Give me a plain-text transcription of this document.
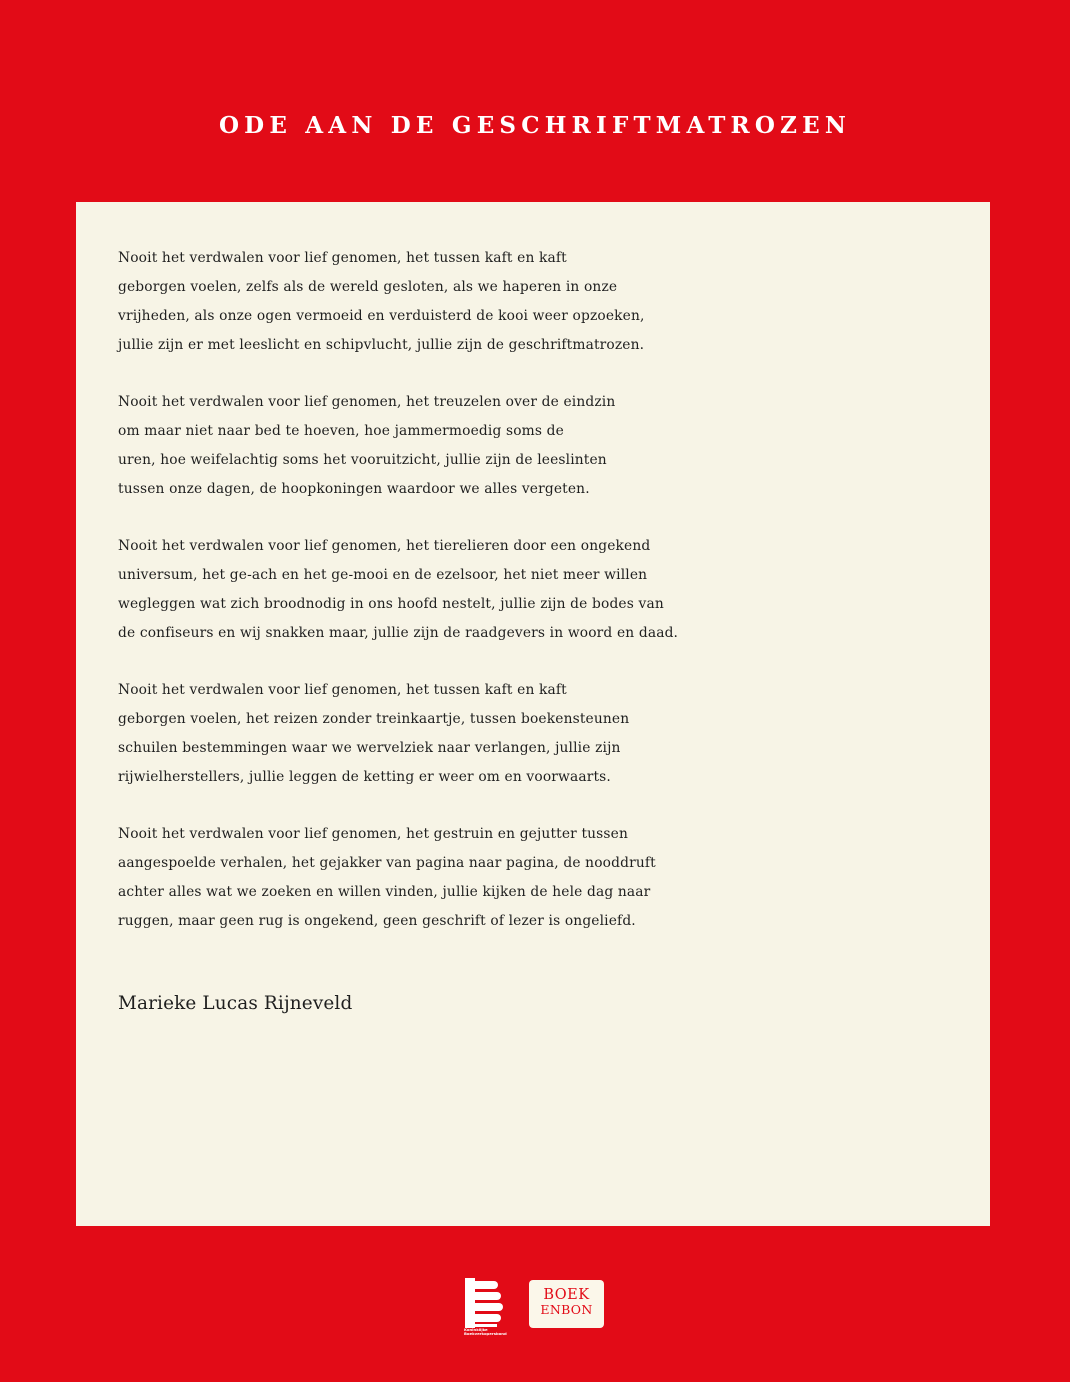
ODE AAN DE GESCHRIFTMATROZEN

Nooit het verdwalen voor lief genomen, het tussen kaft en kaft
geborgen voelen, zelfs als de wereld gesloten, als we haperen in onze
vrijheden, als onze ogen vermoeid en verduisterd de kooi weer opzoeken,
jullie zijn er met leeslicht en schipvlucht, jullie zijn de geschriftmatrozen.

Nooit het verdwalen voor lief genomen, het treuzelen over de eindzin
om maar niet naar bed te hoeven, hoe jammermoedig soms de
uren, hoe weifelachtig soms het vooruitzicht, jullie zijn de leeslinten
tussen onze dagen, de hoopkoningen waardoor we alles vergeten.

Nooit het verdwalen voor lief genomen, het tierelieren door een ongekend
universum, het ge-ach en het ge-mooi en de ezelsoor, het niet meer willen
wegleggen wat zich broodnodig in ons hoofd nestelt, jullie zijn de bodes van
de confiseurs en wij snakken maar, jullie zijn de raadgevers in woord en daad.

Nooit het verdwalen voor lief genomen, het tussen kaft en kaft
geborgen voelen, het reizen zonder treinkaartje, tussen boekensteunen
schuilen bestemmingen waar we wervelziek naar verlangen, jullie zijn
rijwielherstellers, jullie leggen de ketting er weer om en voorwaarts.

Nooit het verdwalen voor lief genomen, het gestruin en gejutter tussen
aangespoelde verhalen, het gejakker van pagina naar pagina, de nooddruft
achter alles wat we zoeken en willen vinden, jullie kijken de hele dag naar
ruggen, maar geen rug is ongekend, geen geschrift of lezer is ongeliefd.

Marieke Lucas Rijneveld
Koninklijke
Boekverkopersbond
BOEK
ENBON
